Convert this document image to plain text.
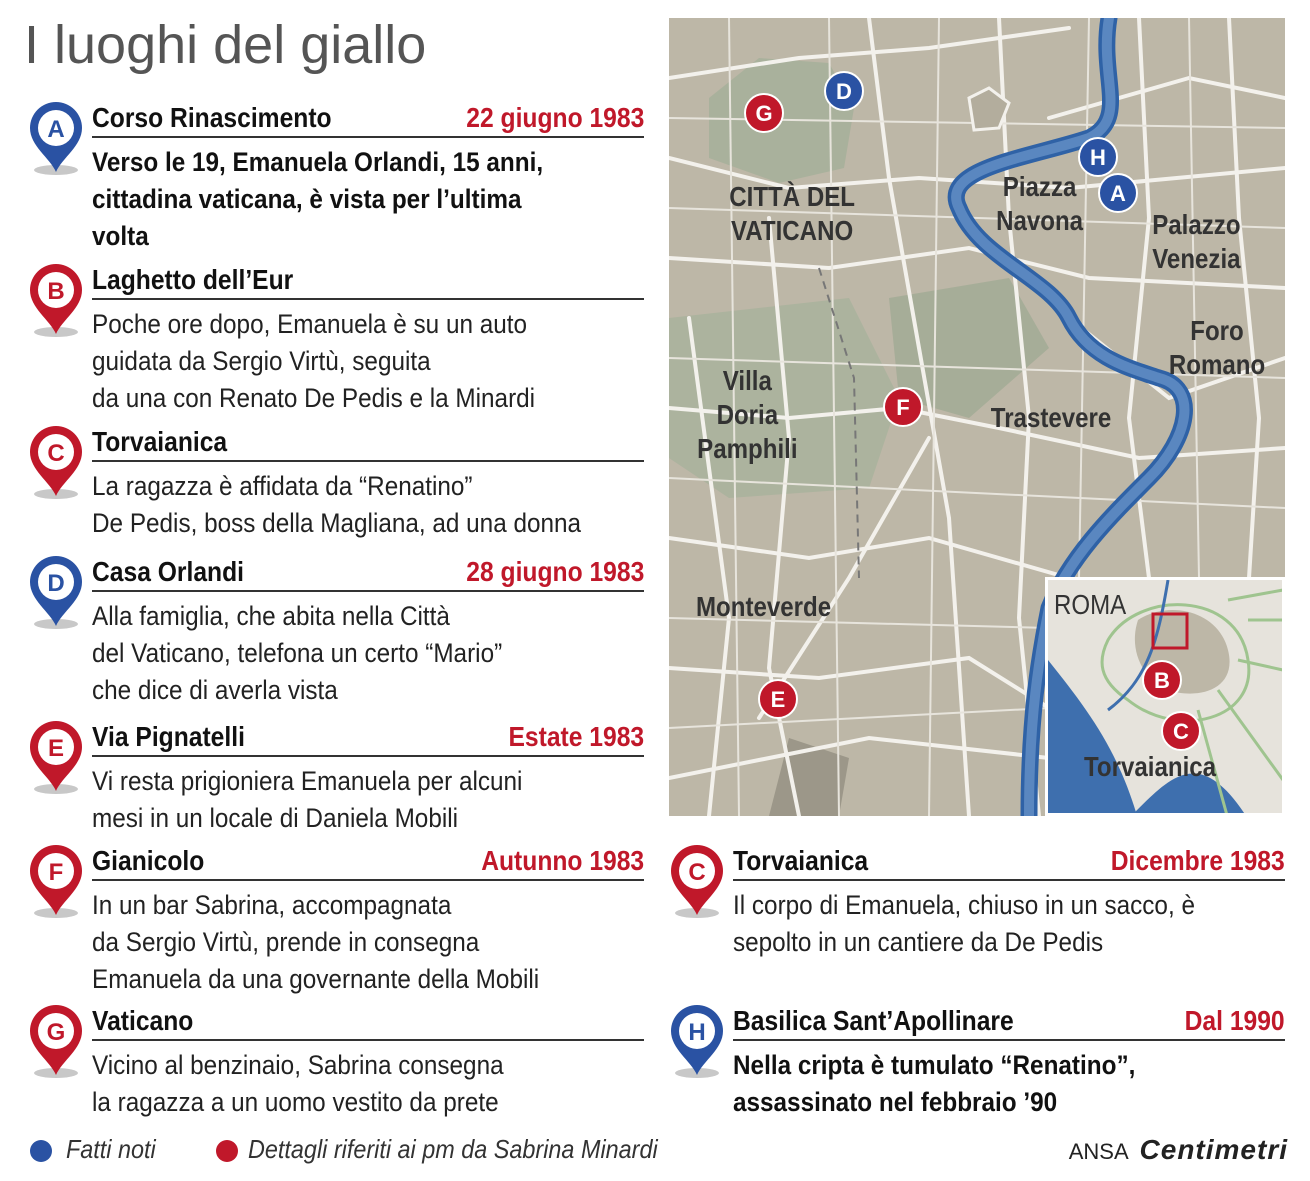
I luoghi del giallo
A Corso Rinascimento	22 giugno 1983
Verso le 19, Emanuela Orlandi, 15 anni,
cittadina vaticana, è vista per l’ultima
volta
B Laghetto dell’Eur
Poche ore dopo, Emanuela è su un auto
guidata da Sergio Virtù, seguita
da una con Renato De Pedis e la Minardi
C Torvaianica
La ragazza è affidata da “Renatino”
De Pedis, boss della Magliana, ad una donna
D Casa Orlandi	28 giugno 1983
Alla famiglia, che abita nella Città
del Vaticano, telefona un certo “Mario”
che dice di averla vista
E Via Pignatelli	Estate 1983
Vi resta prigioniera Emanuela per alcuni
mesi in un locale di Daniela Mobili
F Gianicolo	Autunno 1983
In un bar Sabrina, accompagnata
da Sergio Virtù, prende in consegna
Emanuela da una governante della Mobili
G Vaticano
Vicino al benzinaio, Sabrina consegna
la ragazza a un uomo vestito da prete
C Torvaianica	Dicembre 1983
Il corpo di Emanuela, chiuso in un sacco, è
sepolto in un cantiere da De Pedis
H Basilica Sant’Apollinare	Dal 1990
Nella cripta è tumulato “Renatino”,
assassinato nel febbraio ’90
CITTÀ DEL
VATICANO
Piazza
Navona Palazzo
Venezia
Foro
Romano
Villa
Doria
Pamphili
Trastevere
Monteverde
G
D
H
A
F
E
ROMA
Torvaianica
B
C
Fatti noti	Dettagli riferiti ai pm da Sabrina Minardi	ANSA Centimetri
